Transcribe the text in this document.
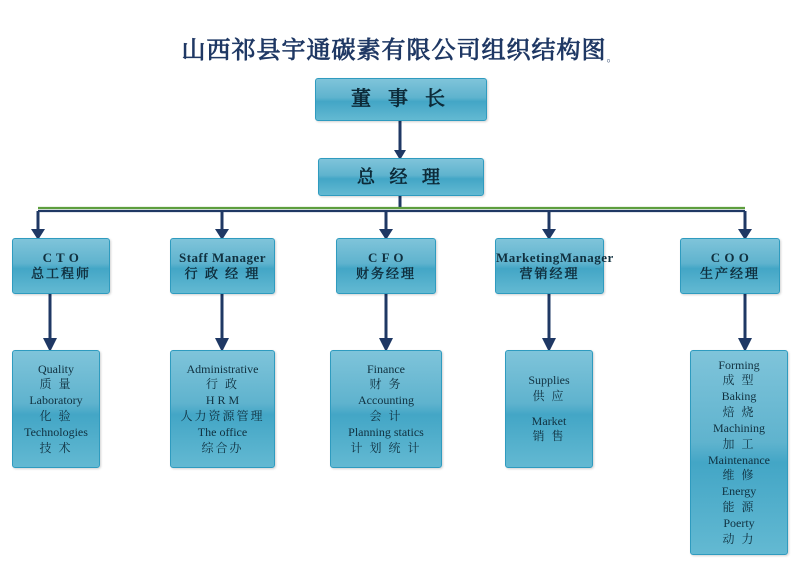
山西祁县宇通碳素有限公司组织结构图。
董 事 长
总 经 理
C T O
总工程师
Staff Manager
行 政 经 理
C F O
财务经理
MarketingManager
营销经理
C O O
生产经理
Quality
质 量
Laboratory
化 验
Technologies
技 术
Administrative
行 政
H R M
人力资源管理
The office
综合办
Finance
财 务
Accounting
会 计
Planning statics
计 划 统 计
Supplies
供 应
Market
销 售
Forming
成 型
Baking
焙 烧
Machining
加 工
Maintenance
维 修
Energy
能 源
Poerty
动 力
